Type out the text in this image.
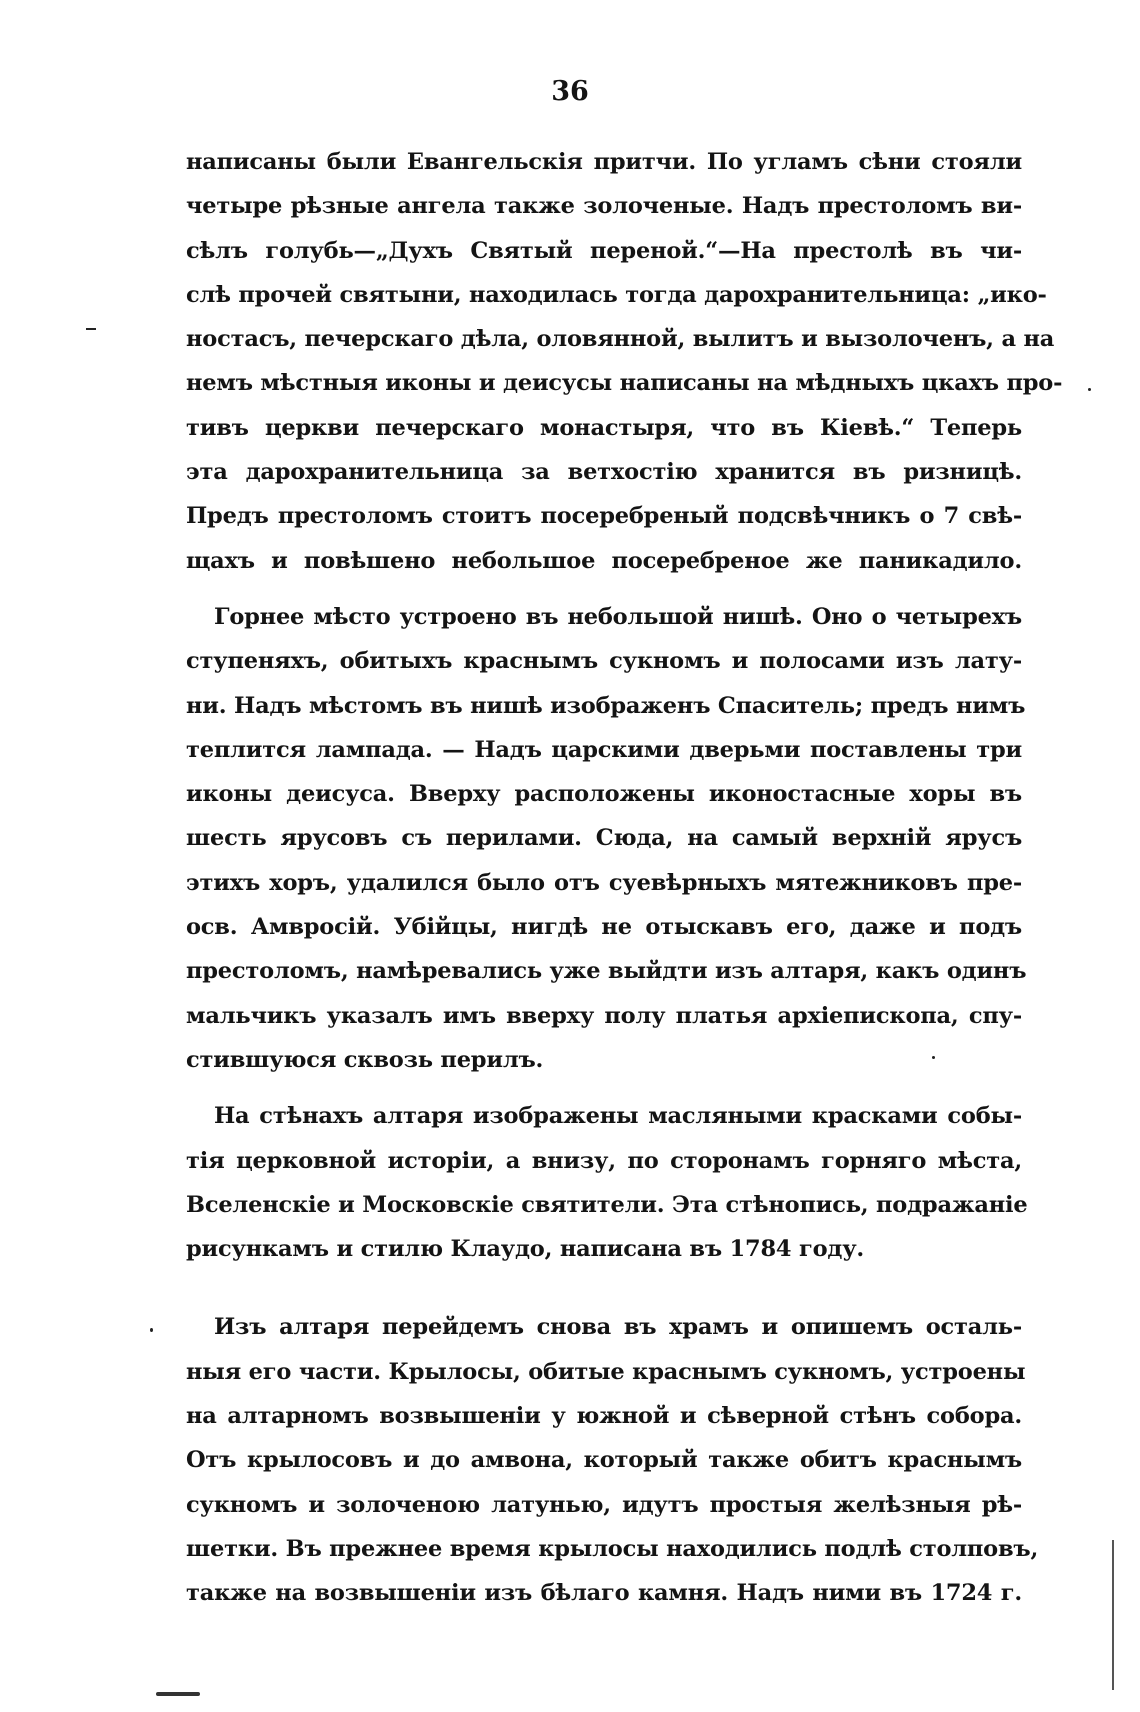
36
написаны были Евангельскія притчи. По угламъ сѣни стояли
четыре рѣзные ангела также золоченые. Надъ престоломъ ви-
сѣлъ голубь—„Духъ Святый переной.“—На престолѣ въ чи-
слѣ прочей святыни, находилась тогда дарохранительница: „ико-
ностасъ, печерскаго дѣла, оловянной, вылитъ и вызолоченъ, а на
немъ мѣстныя иконы и деисусы написаны на мѣдныхъ цкахъ про-
тивъ церкви печерскаго монастыря, что въ Кіевѣ.“ Теперь
эта дарохранительница за ветхостію хранится въ ризницѣ.
Предъ престоломъ стоитъ посеребреный подсвѣчникъ о 7 свѣ-
щахъ и повѣшено небольшое посеребреное же паникадило.
Горнее мѣсто устроено въ небольшой нишѣ. Оно о четырехъ
ступеняхъ, обитыхъ краснымъ сукномъ и полосами изъ лату-
ни. Надъ мѣстомъ въ нишѣ изображенъ Спаситель; предъ нимъ
теплится лампада. — Надъ царскими дверьми поставлены три
иконы деисуса. Вверху расположены иконостасные хоры въ
шесть ярусовъ съ перилами. Сюда, на самый верхній ярусъ
этихъ хоръ, удалился было отъ суевѣрныхъ мятежниковъ пре-
осв. Амвросій. Убійцы, нигдѣ не отыскавъ его, даже и подъ
престоломъ, намѣревались уже выйдти изъ алтаря, какъ одинъ
мальчикъ указалъ имъ вверху полу платья архіепископа, спу-
стившуюся сквозь перилъ.
На стѣнахъ алтаря изображены масляными красками собы-
тія церковной исторіи, а внизу, по сторонамъ горняго мѣста,
Вселенскіе и Московскіе святители. Эта стѣнопись, подражаніе
рисункамъ и стилю Клаудо, написана въ 1784 году.
Изъ алтаря перейдемъ снова въ храмъ и опишемъ осталь-
ныя его части. Крылосы, обитые краснымъ сукномъ, устроены
на алтарномъ возвышеніи у южной и сѣверной стѣнъ собора.
Отъ крылосовъ и до амвона, который также обитъ краснымъ
сукномъ и золоченою латунью, идутъ простыя желѣзныя рѣ-
шетки. Въ прежнее время крылосы находились подлѣ столповъ,
также на возвышеніи изъ бѣлаго камня. Надъ ними въ 1724 г.
